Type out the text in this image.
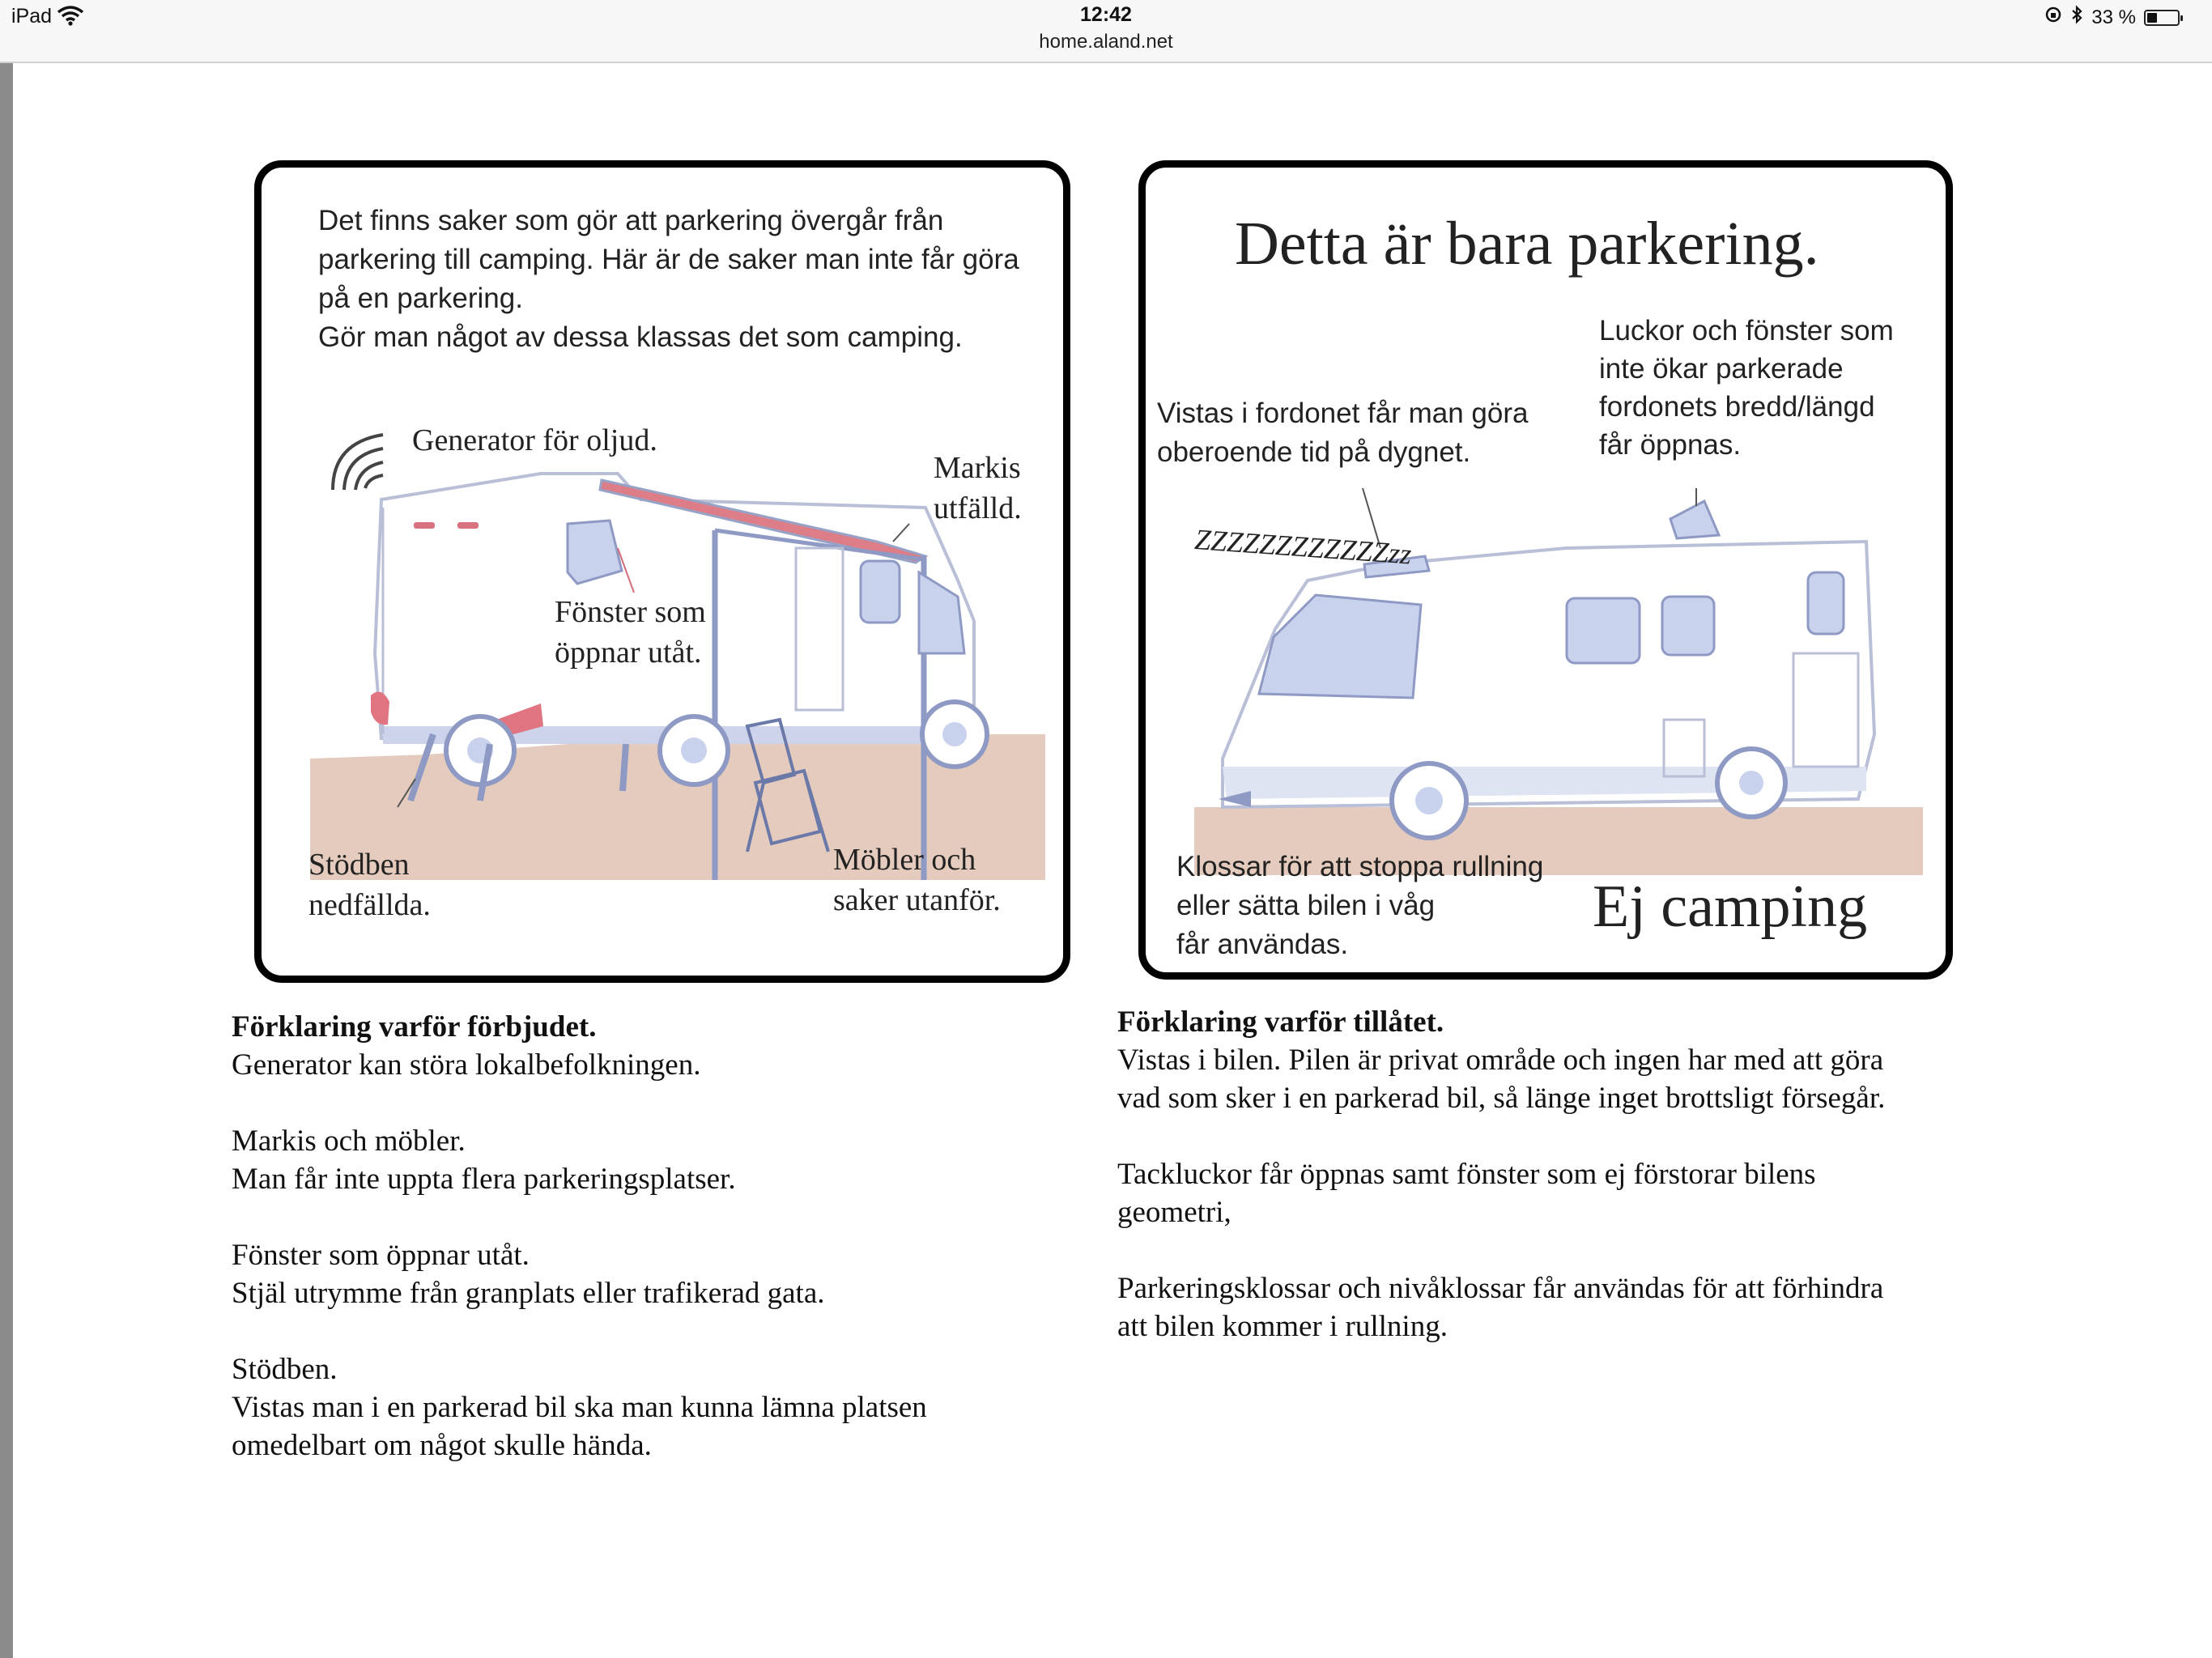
iPad	12:42
home.aland.net
33 %

Det finns saker som gör att parkering övergår från parkering till camping. Här är de saker man inte får göra på en parkering.
Gör man något av dessa klassas det som camping.

Generator för oljud.

Markis
utfälld.

Fönster som
öppnar utåt.

Stödben
nedfällda.

Möbler och
saker utanför.

Detta är bara parkering.

Luckor och fönster som
inte ökar parkerade
fordonets bredd/längd
får öppnas.

Vistas i fordonet får man göra
oberoende tid på dygnet.

ZZZZZZZZZZZZzz

Klossar för att stoppa rullning
eller sätta bilen i våg
får användas.

Ej camping

Förklaring varför förbjudet.

Generator kan störa lokalbefolkningen.

Markis och möbler.
Man får inte uppta flera parkeringsplatser.

Fönster som öppnar utåt.
Stjäl utrymme från granplats eller trafikerad gata.

Stödben.
Vistas man i en parkerad bil ska man kunna lämna platsen
omedelbart om något skulle hända.

Förklaring varför tillåtet.

Vistas i bilen. Pilen är privat område och ingen har med att göra
vad som sker i en parkerad bil, så länge inget brottsligt försegår.

Tackluckor får öppnas samt fönster som ej förstorar bilens
geometri,

Parkeringsklossar och nivåklossar får användas för att förhindra
att bilen kommer i rullning.
